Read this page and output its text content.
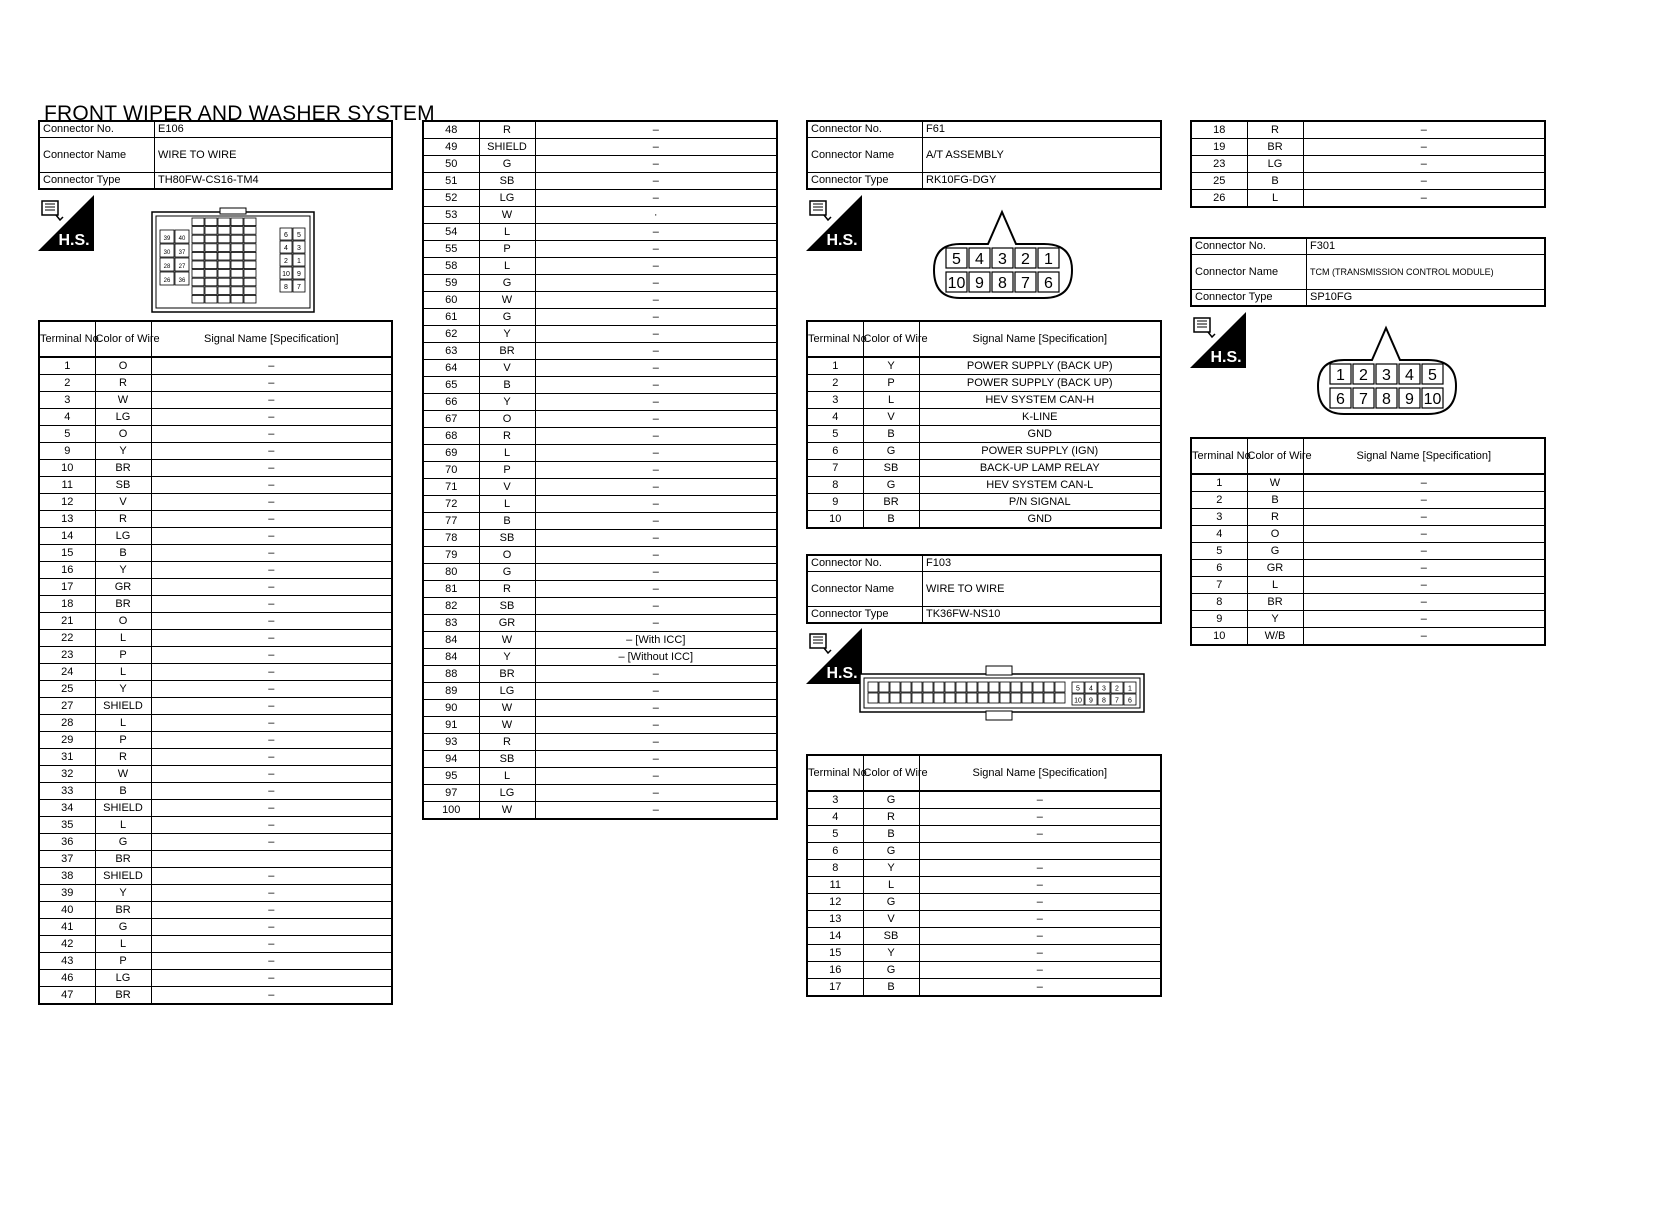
FRONT WIPER AND WASHER SYSTEM
Connector No.	E106
Connector Name	WIRE TO WIRE
Connector Type	TH80FW-CS16-TM4
H.S.	39 40
30 37
28 27
26 36
6 5
4 3
2 1
10 9
8 7
Terminal No.	Color of Wire	Signal Name [Specification]
1	O	–
2	R	–
3	W	–
4	LG	–
5	O	–
9	Y	–
10	BR	–
11	SB	–
12	V	–
13	R	–
14	LG	–
15	B	–
16	Y	–
17	GR	–
18	BR	–
21	O	–
22	L	–
23	P	–
24	L	–
25	Y	–
27	SHIELD	–
28	L	–
29	P	–
31	R	–
32	W	–
33	B	–
34	SHIELD	–
35	L	–
36	G	–
37	BR	
38	SHIELD	–
39	Y	–
40	BR	–
41	G	–
42	L	–
43	P	–
46	LG	–
47	BR	–
48	R	–
49	SHIELD	–
50	G	–
51	SB	–
52	LG	–
53	W	·
54	L	–
55	P	–
58	L	–
59	G	–
60	W	–
61	G	–
62	Y	–
63	BR	–
64	V	–
65	B	–
66	Y	–
67	O	–
68	R	–
69	L	–
70	P	–
71	V	–
72	L	–
77	B	–
78	SB	–
79	O	–
80	G	–
81	R	–
82	SB	–
83	GR	–
84	W	– [With ICC]
84	Y	– [Without ICC]
88	BR	–
89	LG	–
90	W	–
91	W	–
93	R	–
94	SB	–
95	L	–
97	LG	–
100	W	–
Connector No.	F61
Connector Name	A/T ASSEMBLY
Connector Type	RK10FG-DGY
H.S.
5 4 3 2 1
10 9 8 7 6
Terminal No.	Color of Wire	Signal Name [Specification]
1	Y	POWER SUPPLY (BACK UP)
2	P	POWER SUPPLY (BACK UP)
3	L	HEV SYSTEM CAN-H
4	V	K-LINE
5	B	GND
6	G	POWER SUPPLY (IGN)
7	SB	BACK-UP LAMP RELAY
8	G	HEV SYSTEM CAN-L
9	BR	P/N SIGNAL
10	B	GND
Connector No.	F103
Connector Name	WIRE TO WIRE
Connector Type	TK36FW-NS10
H.S.
5 4 3 2 1
10 9 8 7 6
Terminal No.	Color of Wire	Signal Name [Specification]
3	G	–
4	R	–
5	B	–
6	G	
8	Y	–
11	L	–
12	G	–
13	V	–
14	SB	–
15	Y	–
16	G	–
17	B	–
18	R	–
19	BR	–
23	LG	–
25	B	–
26	L	–
Connector No.	F301
Connector Name	TCM (TRANSMISSION CONTROL MODULE)
Connector Type	SP10FG
H.S.
1 2 3 4 5
6 7 8 9 10
Terminal No.	Color of Wire	Signal Name [Specification]
1	W	–
2	B	–
3	R	–
4	O	–
5	G	–
6	GR	–
7	L	–
8	BR	–
9	Y	–
10	W/B	–
